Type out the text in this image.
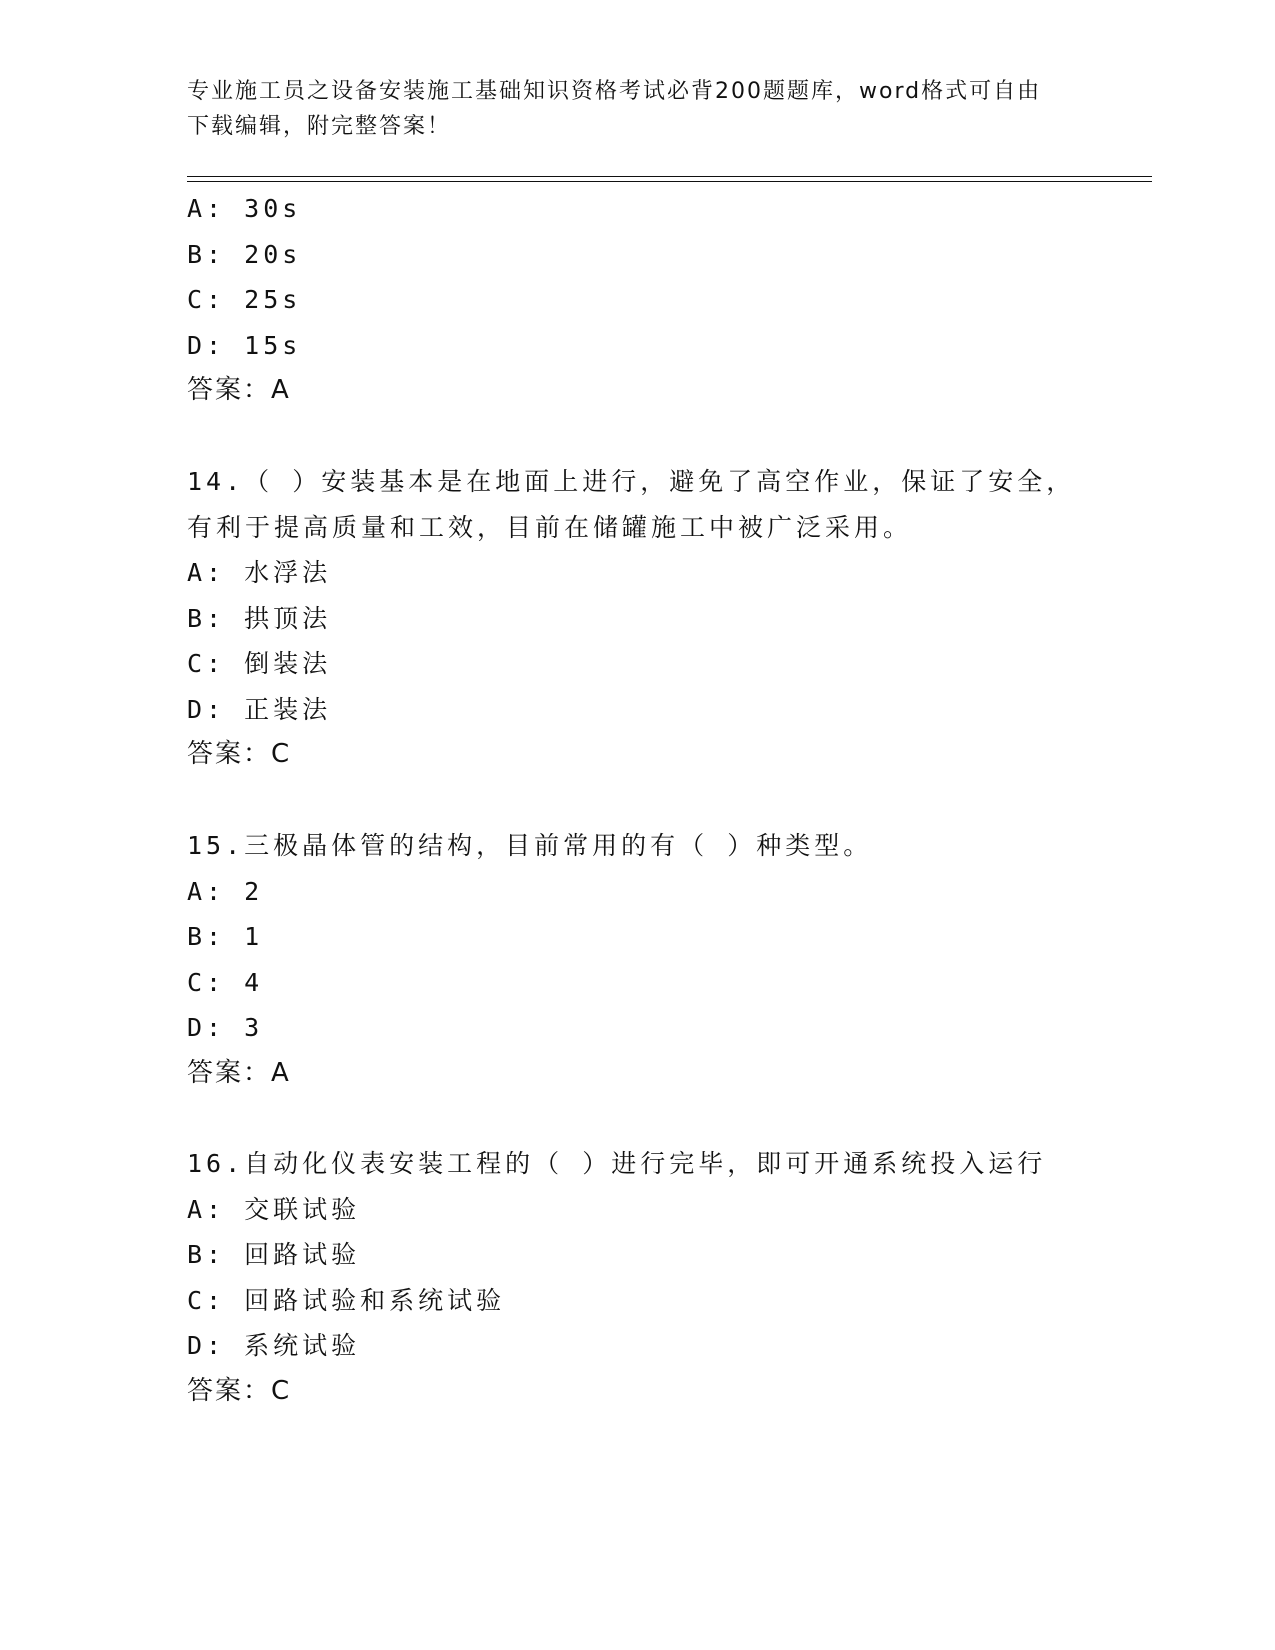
专业施工员之设备安装施工基础知识资格考试必背200题题库，word格式可自由
下载编辑，附完整答案！
A: 30s
B: 20s
C: 25s
D: 15s
答案：A
14.（ ）安装基本是在地面上进行，避免了高空作业，保证了安全，
有利于提高质量和工效，目前在储罐施工中被广泛采用。
A: 水浮法
B: 拱顶法
C: 倒装法
D: 正装法
答案：C
15.三极晶体管的结构，目前常用的有（ ）种类型。
A: 2
B: 1
C: 4
D: 3
答案：A
16.自动化仪表安装工程的（ ）进行完毕，即可开通系统投入运行
A: 交联试验
B: 回路试验
C: 回路试验和系统试验
D: 系统试验
答案：C
